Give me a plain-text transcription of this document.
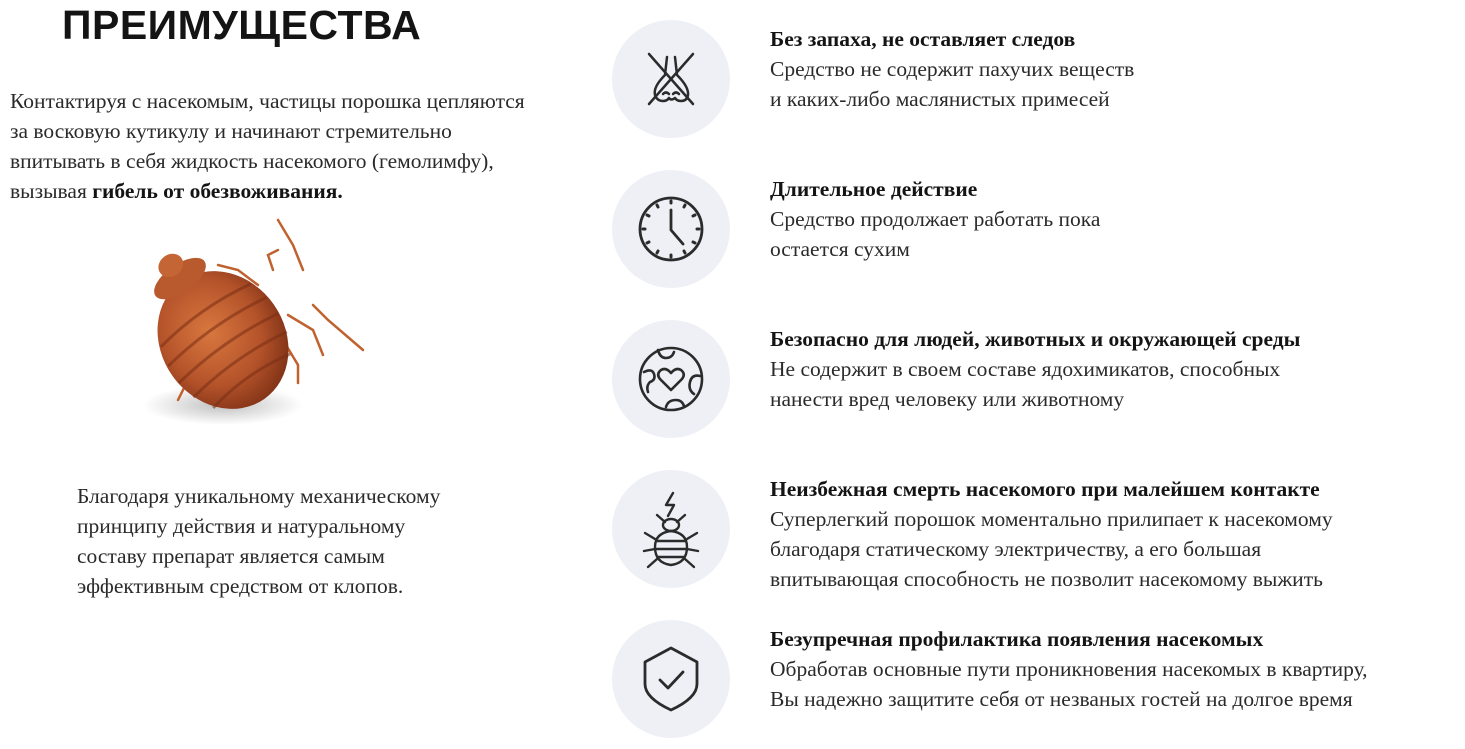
ПРЕИМУЩЕСТВА

Контактируя с насекомым, частицы порошка цепляются

за восковую кутикулу и начинают стремительно

впитывать в себя жидкость насекомого (гемолимфу),

вызывая гибель от обезвоживания.

Благодаря уникальному механическому

принципу действия и натуральному

составу препарат является самым

эффективным средством от клопов.

Без запаха, не оставляет следов

Средство не содержит пахучих веществ

и каких-либо маслянистых примесей

Длительное действие

Средство продолжает работать пока

остается сухим

Безопасно для людей, животных и окружающей среды

Не содержит в своем составе ядохимикатов, способных

нанести вред человеку или животному

Неизбежная смерть насекомого при малейшем контакте

Суперлегкий порошок моментально прилипает к насекомому

благодаря статическому электричеству, а его большая

впитывающая способность не позволит насекомому выжить

Безупречная профилактика появления насекомых

Обработав основные пути проникновения насекомых в квартиру,

Вы надежно защитите себя от незваных гостей на долгое время
